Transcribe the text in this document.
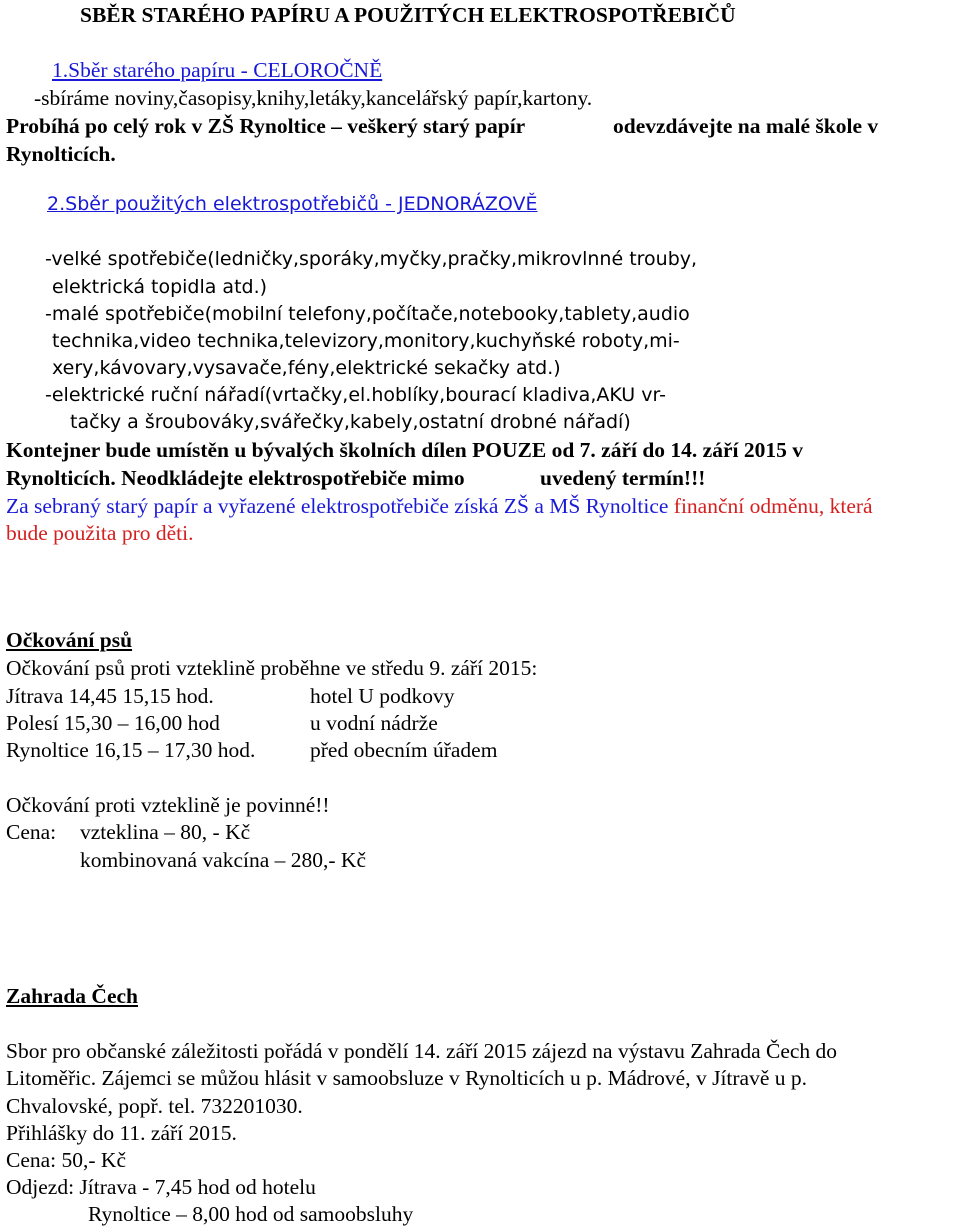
SBĚR STARÉHO PAPÍRU A POUŽITÝCH ELEKTROSPOTŘEBIČŮ
1.Sběr starého papíru - CELOROČNĚ
-sbíráme noviny,časopisy,knihy,letáky,kancelářský papír,kartony.
Probíhá po celý rok v ZŠ Rynoltice – veškerý starý papír	odevzdávejte na malé škole v
Rynolticích.
2.Sběr použitých elektrospotřebičů - JEDNORÁZOVĚ
-velké spotřebiče(ledničky,sporáky,myčky,pračky,mikrovlnné trouby,
elektrická topidla atd.)
-malé spotřebiče(mobilní telefony,počítače,notebooky,tablety,audio
technika,video technika,televizory,monitory,kuchyňské roboty,mi-
xery,kávovary,vysavače,fény,elektrické sekačky atd.)
-elektrické ruční nářadí(vrtačky,el.hoblíky,bourací kladiva,AKU vr-
tačky a šroubováky,svářečky,kabely,ostatní drobné nářadí)
Kontejner bude umístěn u bývalých školních dílen POUZE od 7. září do 14. září 2015 v
Rynolticích. Neodkládejte elektrospotřebiče mimo	uvedený termín!!!
Za sebraný starý papír a vyřazené elektrospotřebiče získá ZŠ a MŠ Rynoltice finanční odměnu, která
bude použita pro děti.
Očkování psů
Očkování psů proti vzteklině proběhne ve středu 9. září 2015:
Jítrava 14,45 15,15 hod.	hotel U podkovy
Polesí 15,30 – 16,00 hod	u vodní nádrže
Rynoltice 16,15 – 17,30 hod.	před obecním úřadem
Očkování proti vzteklině je povinné!!
Cena: vzteklina – 80, - Kč
kombinovaná vakcína – 280,- Kč
Zahrada Čech
Sbor pro občanské záležitosti pořádá v pondělí 14. září 2015 zájezd na výstavu Zahrada Čech do
Litoměřic. Zájemci se můžou hlásit v samoobsluze v Rynolticích u p. Mádrové, v Jítravě u p.
Chvalovské, popř. tel. 732201030.
Přihlášky do 11. září 2015.
Cena: 50,- Kč
Odjezd: Jítrava - 7,45 hod od hotelu
Rynoltice – 8,00 hod od samoobsluhy
